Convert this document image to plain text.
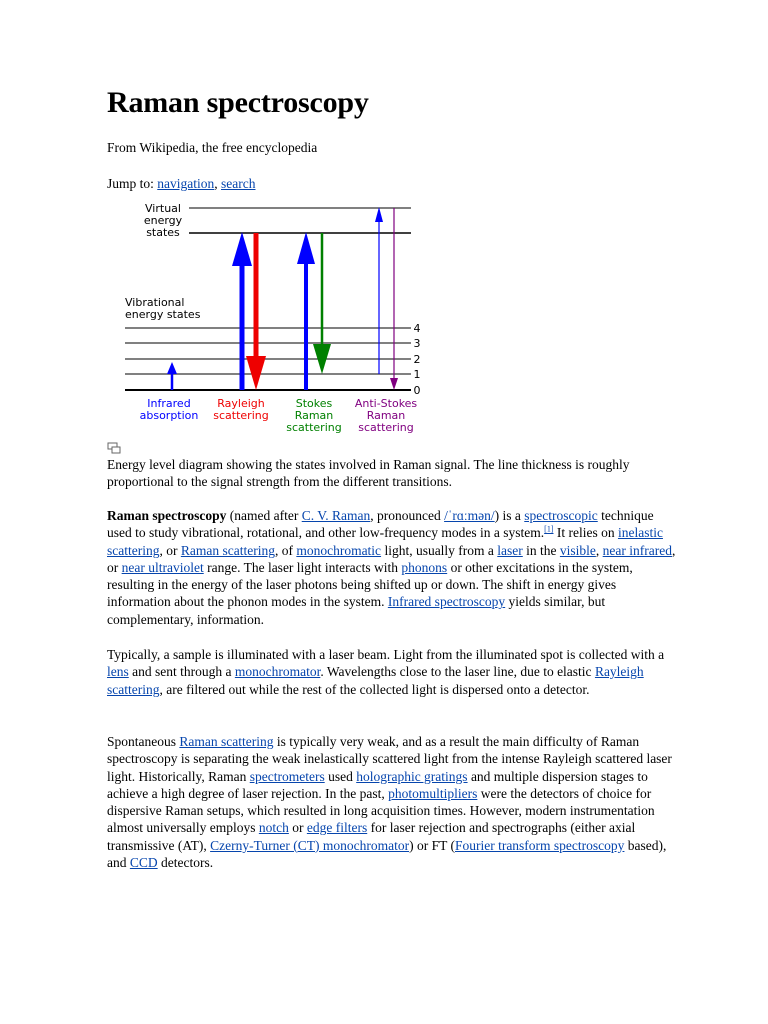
Raman spectroscopy
From Wikipedia, the free encyclopedia
Jump to: navigation, search
4
3
2
1
0
Virtual
energy
states
Vibrational
energy states
Infrared
absorption
Rayleigh
scattering
Stokes
Raman
scattering
Anti-Stokes
Raman
scattering
Energy level diagram showing the states involved in Raman signal. The line thickness is roughly proportional to the signal strength from the different transitions.

Raman spectroscopy (named after C. V. Raman, pronounced /ˈrɑːmən/) is a spectroscopic technique used to study vibrational, rotational, and other low-frequency modes in a system.[1] It relies on inelastic scattering, or Raman scattering, of monochromatic light, usually from a laser in the visible, near infrared, or near ultraviolet range. The laser light interacts with phonons or other excitations in the system, resulting in the energy of the laser photons being shifted up or down. The shift in energy gives information about the phonon modes in the system. Infrared spectroscopy yields similar, but complementary, information.

Typically, a sample is illuminated with a laser beam. Light from the illuminated spot is collected with a lens and sent through a monochromator. Wavelengths close to the laser line, due to elastic Rayleigh scattering, are filtered out while the rest of the collected light is dispersed onto a detector.

Spontaneous Raman scattering is typically very weak, and as a result the main difficulty of Raman spectroscopy is separating the weak inelastically scattered light from the intense Rayleigh scattered laser light. Historically, Raman spectrometers used holographic gratings and multiple dispersion stages to achieve a high degree of laser rejection. In the past, photomultipliers were the detectors of choice for dispersive Raman setups, which resulted in long acquisition times. However, modern instrumentation almost universally employs notch or edge filters for laser rejection and spectrographs (either axial transmissive (AT), Czerny-Turner (CT) monochromator) or FT (Fourier transform spectroscopy based), and CCD detectors.
